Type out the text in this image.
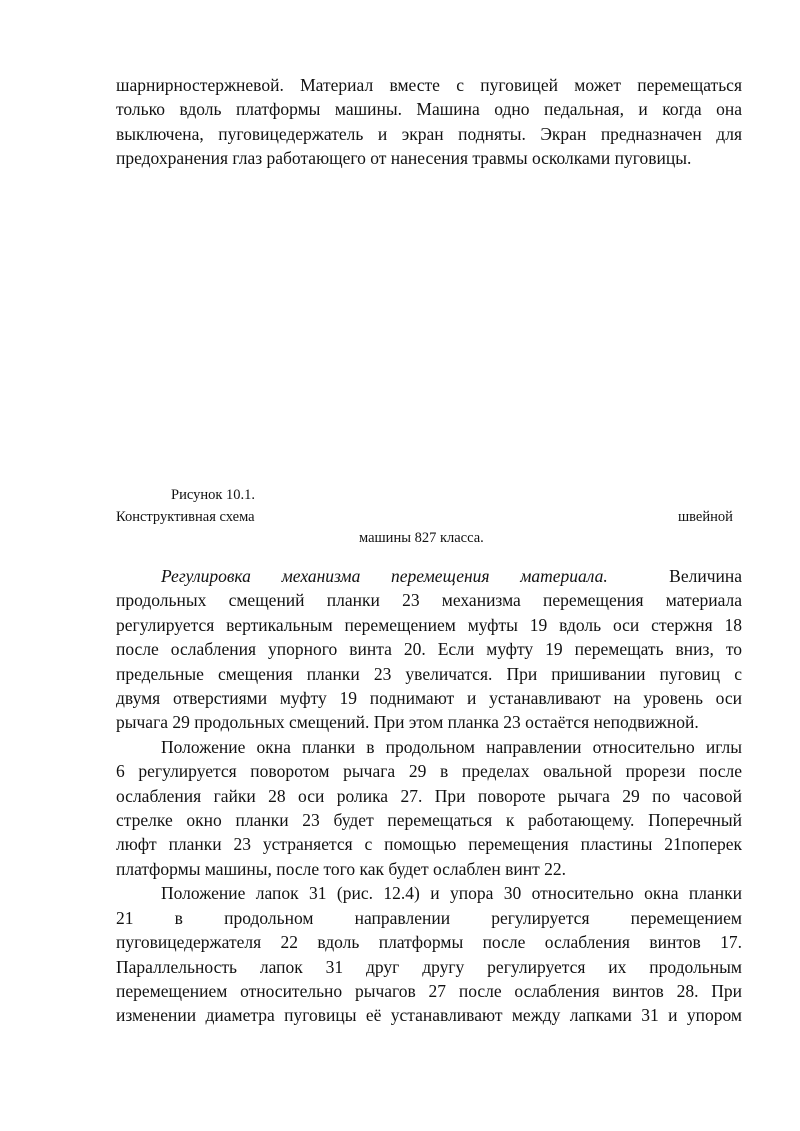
шарнирностержневой. Материал вместе с пуговицей может перемещаться
только вдоль платформы машины. Машина одно педальная, и когда она
выключена, пуговицедержатель и экран подняты. Экран предназначен для
предохранения глаз работающего от нанесения травмы осколками пуговицы.
Рисунок 10.1.
Конструктивная схема	швейной
машины 827 класса.
Регулировка механизма перемещения материала.	Величина
продольных смещений планки 23 механизма перемещения материала
регулируется вертикальным перемещением муфты 19 вдоль оси стержня 18
после ослабления упорного винта 20. Если муфту 19 перемещать вниз, то
предельные смещения планки 23 увеличатся. При пришивании пуговиц с
двумя отверстиями муфту 19 поднимают и устанавливают на уровень оси
рычага 29 продольных смещений. При этом планка 23 остаётся неподвижной.
Положение окна планки в продольном направлении относительно иглы
6 регулируется поворотом рычага 29 в пределах овальной прорези после
ослабления гайки 28 оси ролика 27. При повороте рычага 29 по часовой
стрелке окно планки 23 будет перемещаться к работающему. Поперечный
люфт планки 23 устраняется с помощью перемещения пластины 21поперек
платформы машины, после того как будет ослаблен винт 22.
Положение лапок 31 (рис. 12.4) и упора 30 относительно окна планки
21 в продольном направлении регулируется перемещением
пуговицедержателя 22 вдоль платформы после ослабления винтов 17.
Параллельность лапок 31 друг другу регулируется их продольным
перемещением относительно рычагов 27 после ослабления винтов 28. При
изменении диаметра пуговицы её устанавливают между лапками 31 и упором
